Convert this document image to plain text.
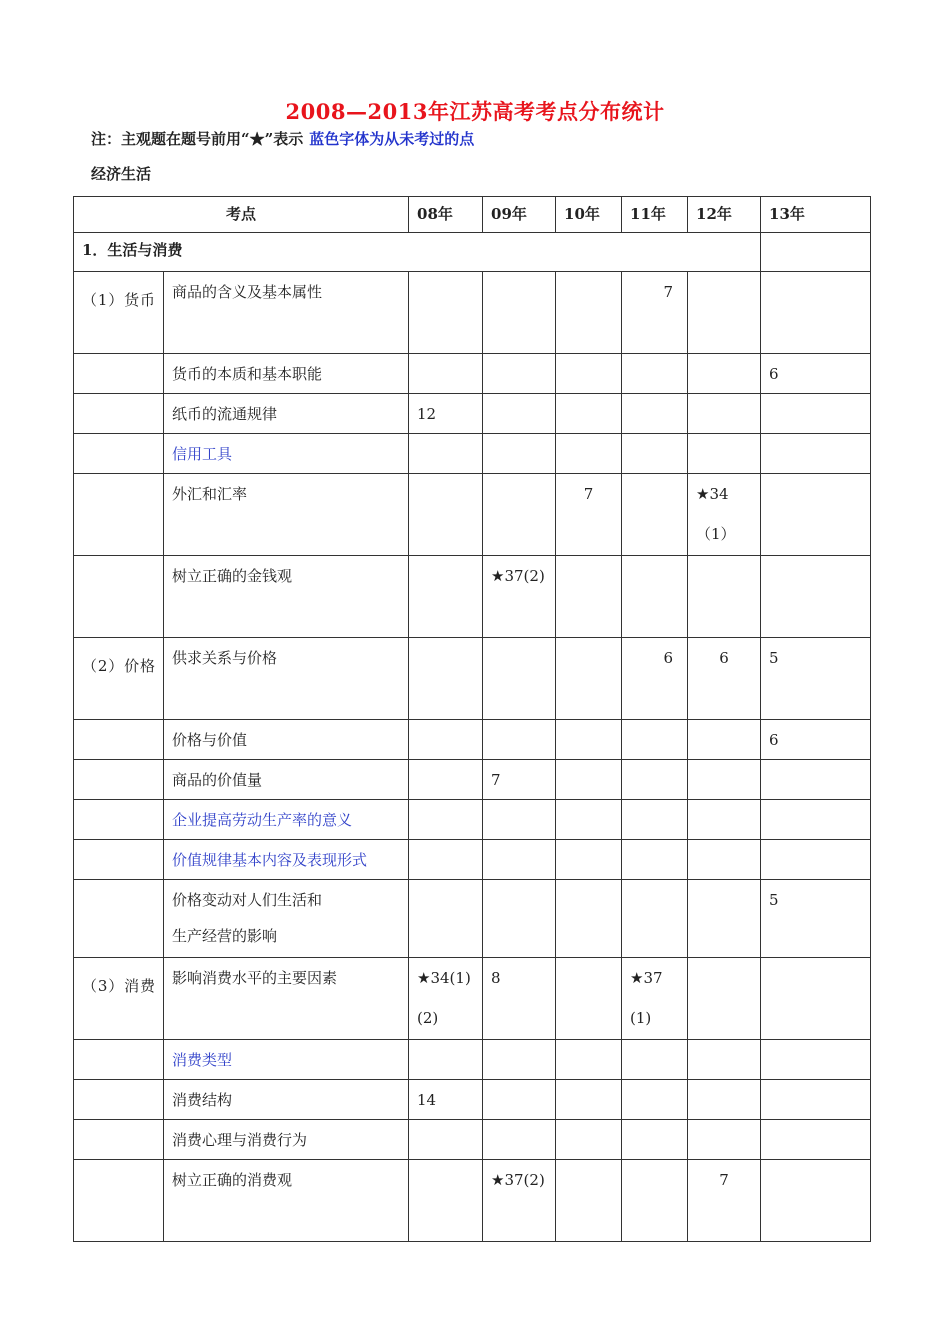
2008—2013年江苏高考考点分布统计
注：主观题在题号前用“★”表示 蓝色字体为从未考过的点
经济生活
考点		08年	09年	10年	11年	12年	13年
1．生活与消费							
（1）货币	商品的含义及基本属性				7		
	货币的本质和基本职能						6
	纸币的流通规律	12					
	信用工具						
	外汇和汇率			7		★34（1）	
	树立正确的金钱观		★37(2)				
（2）价格	供求关系与价格				6	6	5
	价格与价值						6
	商品的价值量		7				
	企业提高劳动生产率的意义						
	价值规律基本内容及表现形式						

	价格变动对人们生活和生产经营的影响						5
（3）消费	影响消费水平的主要因素	★34(1)(2)	8		★37(1)		
	消费类型						
	消费结构	14					
	消费心理与消费行为						
	树立正确的消费观		★37(2)			7	
